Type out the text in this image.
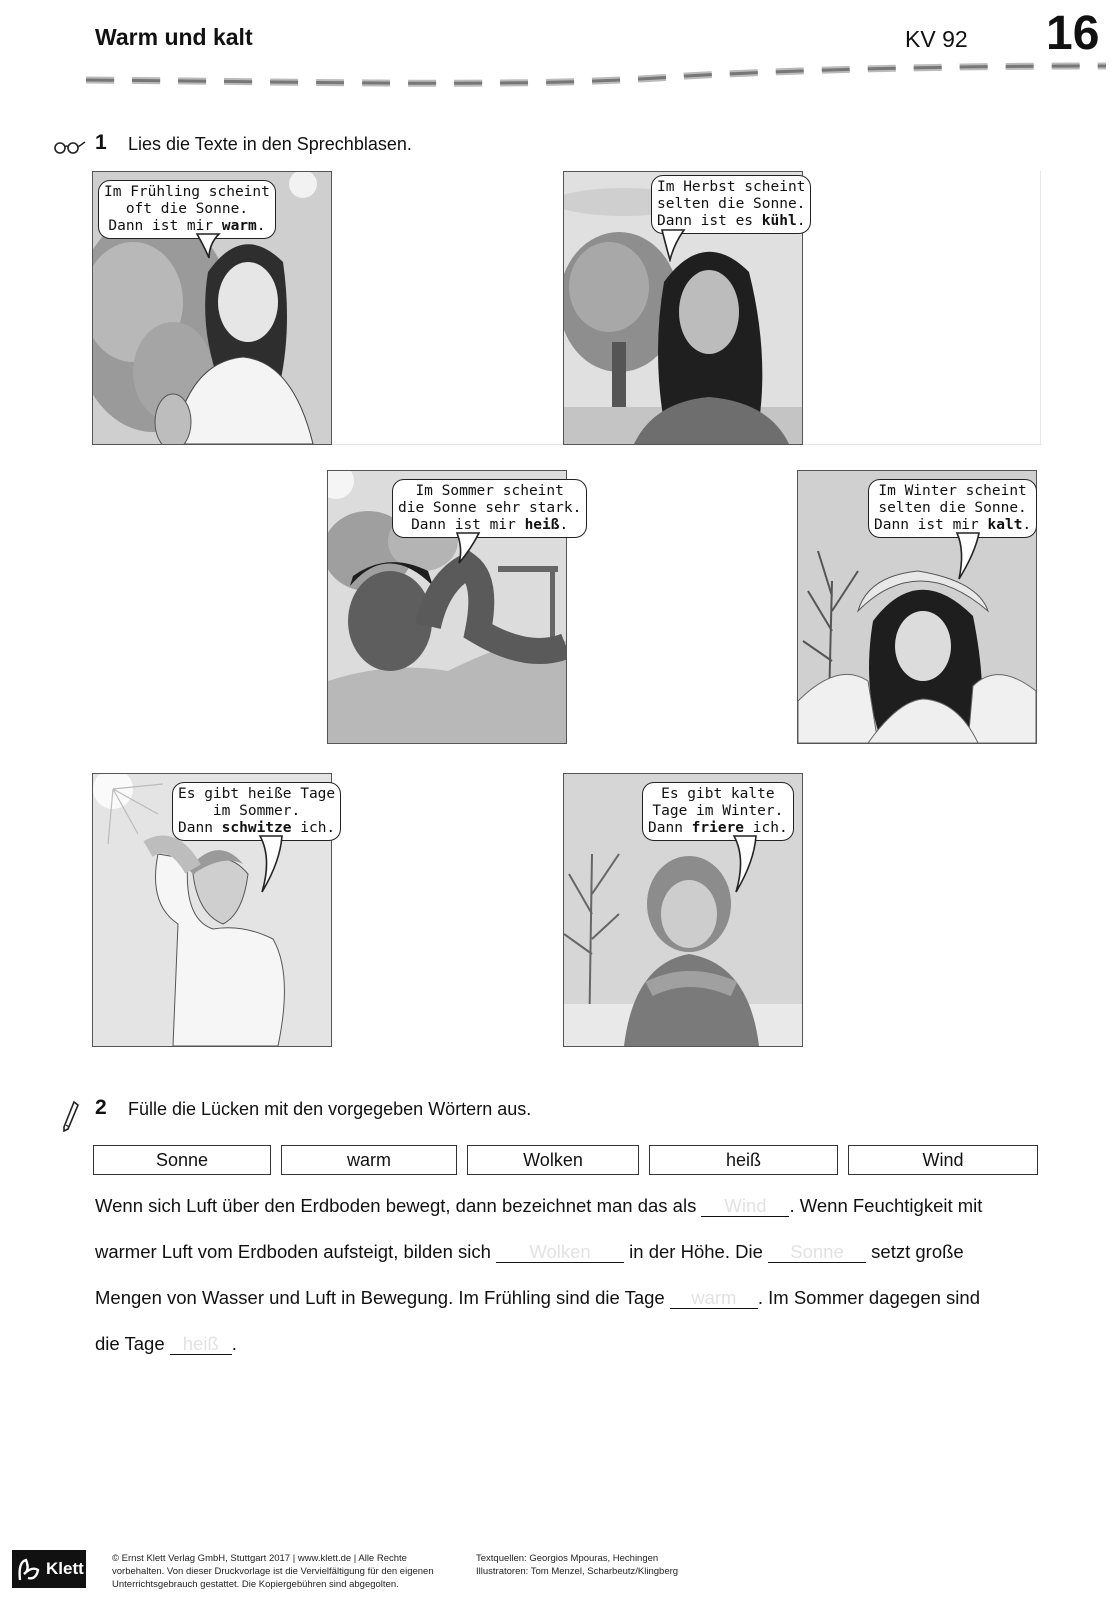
Warm und kalt	KV 92 16
1 Lies die Texte in den Sprechblasen.
Im Frühling scheint
oft die Sonne.
Dann ist mir warm.
Im Herbst scheint
selten die Sonne.
Dann ist es kühl.
Im Sommer scheint
die Sonne sehr stark.
Dann ist mir heiß.
Im Winter scheint
selten die Sonne.
Dann ist mir kalt.
Es gibt heiße Tage
im Sommer.
Dann schwitze ich.
Es gibt kalte
Tage im Winter.
Dann friere ich.
2 Fülle die Lücken mit den vorgegeben Wörtern aus.
Sonne	warm	Wolken	heiß	Wind
Wenn sich Luft über den Erdboden bewegt, dann bezeichnet man das als Wind . Wenn Feuchtigkeit mit
warmer Luft vom Erdboden aufsteigt, bilden sich Wolken in der Höhe. Die Sonne setzt große
Mengen von Wasser und Luft in Bewegung. Im Frühling sind die Tage warm . Im Sommer dagegen sind
die Tage heiß .
Klett
© Ernst Klett Verlag GmbH, Stuttgart 2017 | www.klett.de | Alle Rechte
vorbehalten. Von dieser Druckvorlage ist die Vervielfältigung für den eigenen
Unterrichtsgebrauch gestattet. Die Kopiergebühren sind abgegolten.
Textquellen: Georgios Mpouras, Hechingen
Illustratoren: Tom Menzel, Scharbeutz/Klingberg
